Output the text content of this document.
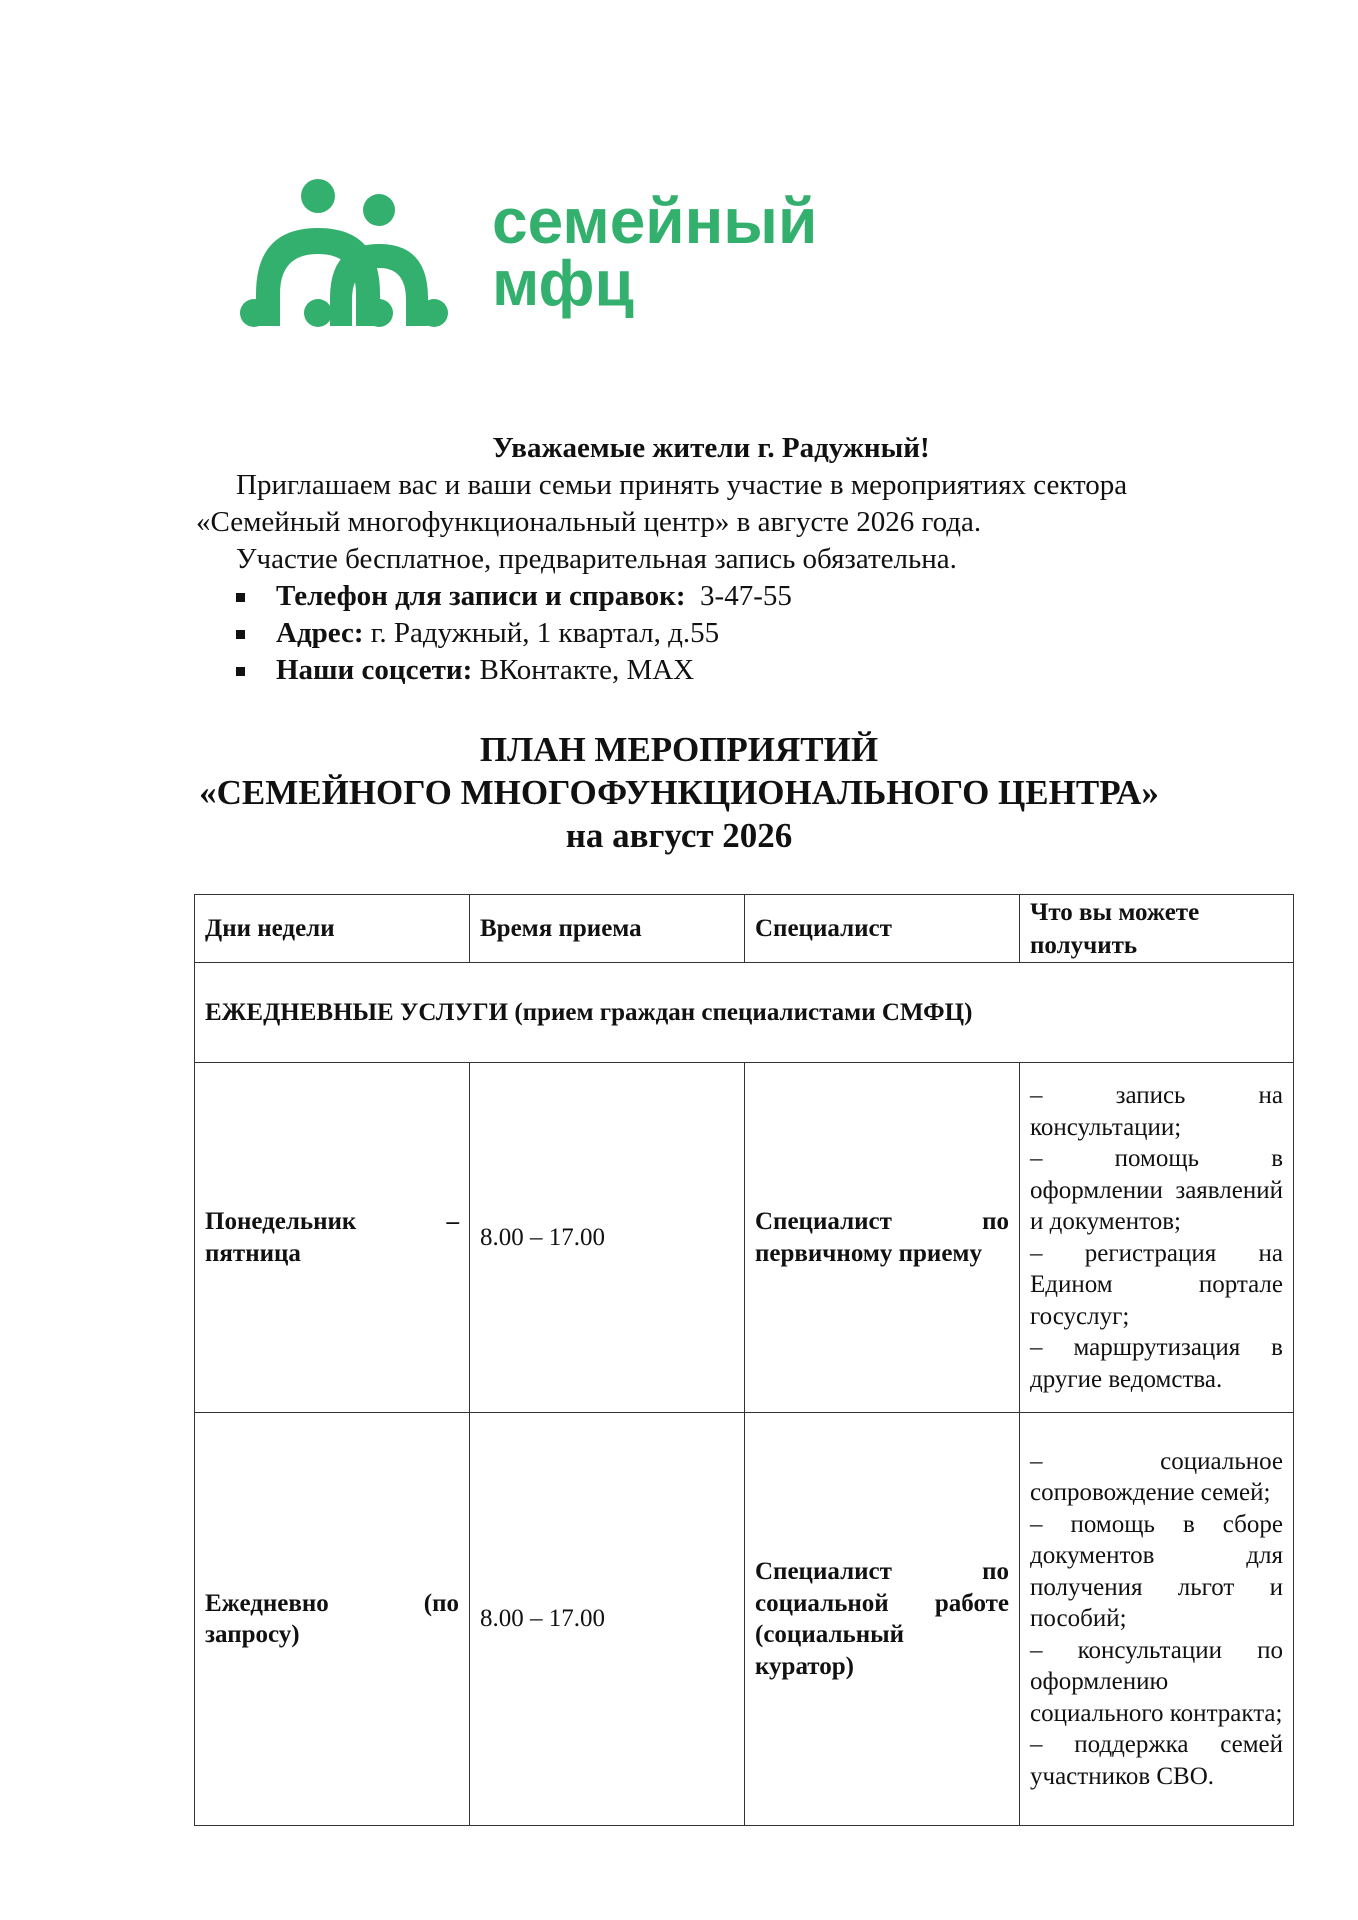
семейный
мфц
Уважаемые жители г. Радужный!
Приглашаем вас и ваши семьи принять участие в мероприятиях сектора «Семейный многофункциональный центр» в августе 2026 года.
Участие бесплатное, предварительная запись обязательна.
Телефон для записи и справок: 3-47-55
Адрес: г. Радужный, 1 квартал, д.55
Наши соцсети: ВКонтакте, МАХ
ПЛАН МЕРОПРИЯТИЙ
«СЕМЕЙНОГО МНОГОФУНКЦИОНАЛЬНОГО ЦЕНТРА»
на август 2026
Дни недели	Время приема	Специалист	Что вы можете получить
ЕЖЕДНЕВНЫЕ УСЛУГИ (прием граждан специалистами СМФЦ)			
Понедельник – пятница	8.00 – 17.00	Специалист по первичному приему	– запись на консультации;
– помощь в оформлении заявлений и документов;
– регистрация на Едином портале госуслуг;
– маршрутизация в другие ведомства.

Ежедневно (по запросу)	8.00 – 17.00	Специалист по социальной работе (социальный куратор)	– социальное сопровождение семей;
– помощь в сборе документов для получения льгот и пособий;
– консультации по оформлению социального контракта;
– поддержка семей участников СВО.
